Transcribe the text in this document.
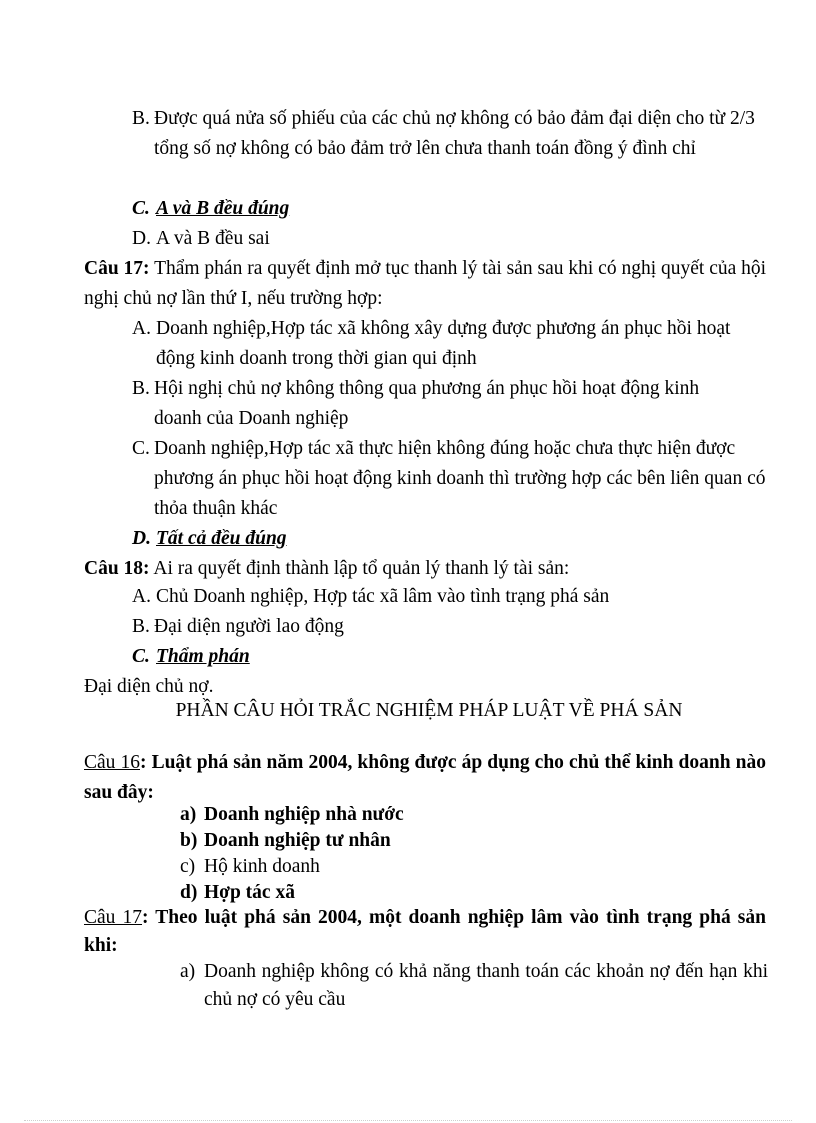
B. Được quá nửa số phiếu của các chủ nợ không có bảo đảm đại diện cho từ 2/3 tổng số nợ không có bảo đảm trở lên chưa thanh toán đồng ý đình chỉ
C. A và B đều đúng
D. A và B đều sai
Câu 17: Thẩm phán ra quyết định mở tục thanh lý tài sản sau khi có nghị quyết của hội nghị chủ nợ lần thứ I, nếu trường hợp:
A. Doanh nghiệp,Hợp tác xã không xây dựng được phương án phục hồi hoạt động kinh doanh trong thời gian qui định
B. Hội nghị chủ nợ không thông qua phương án phục hồi hoạt động kinh doanh của Doanh nghiệp
C. Doanh nghiệp,Hợp tác xã thực hiện không đúng hoặc chưa thực hiện được phương án phục hồi hoạt động kinh doanh thì trường hợp các bên liên quan có thỏa thuận khác
D. Tất cả đều đúng
Câu 18: Ai ra quyết định thành lập tổ quản lý thanh lý tài sản:
A. Chủ Doanh nghiệp, Hợp tác xã lâm vào tình trạng phá sản
B. Đại diện người lao động
C. Thẩm phán
Đại diện chủ nợ.
PHẦN CÂU HỎI TRẮC NGHIỆM PHÁP LUẬT VỀ PHÁ SẢN
Câu 16: Luật phá sản năm 2004, không được áp dụng cho chủ thể kinh doanh nào sau đây:
a) Doanh nghiệp nhà nước
b) Doanh nghiệp tư nhân
c) Hộ kinh doanh
d) Hợp tác xã
Câu 17: Theo luật phá sản 2004, một doanh nghiệp lâm vào tình trạng phá sản khi:
a) Doanh nghiệp không có khả năng thanh toán các khoản nợ đến hạn khi chủ nợ có yêu cầu
